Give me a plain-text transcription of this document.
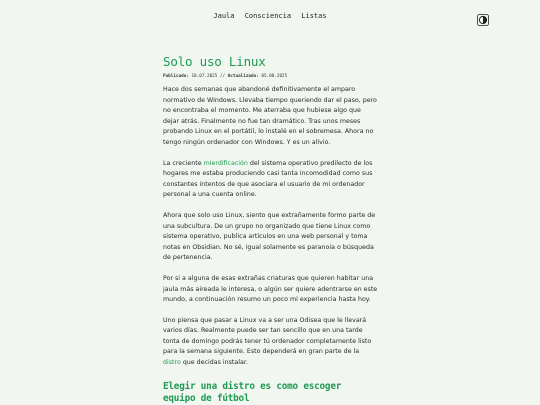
Jaula Consciencia Listas
Solo uso Linux
Publicado: 10.07.2025 // Actualizado: 05.08.2025

Hace dos semanas que abandoné definitivamente el amparo normativo de Windows. Llevaba tiempo queriendo dar el paso, pero no encontraba el momento. Me aterraba que hubiese algo que dejar atrás. Finalmente no fue tan dramático. Tras unos meses probando Linux en el portátil, lo instalé en el sobremesa. Ahora no tengo ningún ordenador con Windows. Y es un alivio.

La creciente mierdificación del sistema operativo predilecto de los hogares me estaba produciendo casi tanta incomodidad como sus constantes intentos de que asociara el usuario de mi ordenador personal a una cuenta online.

Ahora que solo uso Linux, siento que extrañamente formo parte de una subcultura. De un grupo no organizado que tiene Linux como sistema operativo, publica artículos en una web personal y toma notas en Obsidian. No sé, igual solamente es paranoia o búsqueda de pertenencia.

Por si a alguna de esas extrañas criaturas que quieren habitar una jaula más aireada le interesa, o algún ser quiere adentrarse en este mundo, a continuación resumo un poco mi experiencia hasta hoy.

Uno piensa que pasar a Linux va a ser una Odisea que le llevará varios días. Realmente puede ser tan sencillo que en una tarde tonta de domingo podrás tener tú ordenador completamente listo para la semana siguiente. Esto dependerá en gran parte de la distro que decidas instalar.

Elegir una distro es como escoger equipo de fútbol
